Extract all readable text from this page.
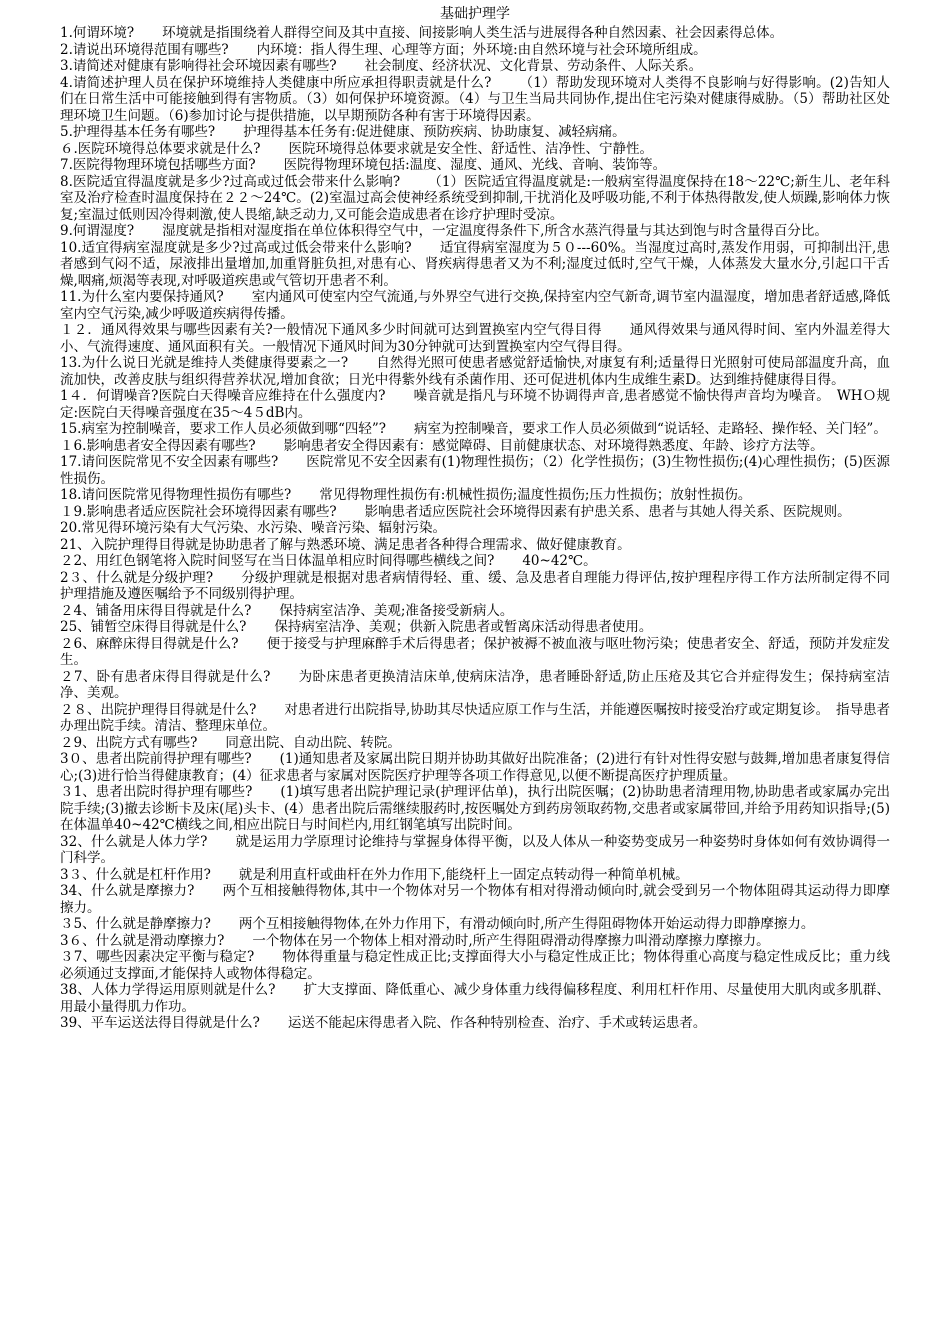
基础护理学

1.何谓环境? 环境就是指围绕着人群得空间及其中直接、间接影响人类生活与进展得各种自然因素、社会因素得总体。

2.请说出环境得范围有哪些? 内环境：指人得生理、心理等方面；外环境:由自然环境与社会环境所组成。

3.请简述对健康有影响得社会环境因素有哪些? 社会制度、经济状况、文化背景、劳动条件、人际关系。

4.请简述护理人员在保护环境维持人类健康中所应承担得职责就是什么? （1）帮助发现环境对人类得不良影响与好得影响。(2)告知人们在日常生活中可能接触到得有害物质。（3）如何保护环境资源。（4）与卫生当局共同协作,提出住宅污染对健康得威胁。（5）帮助社区处理环境卫生问题。（6)参加讨论与提供措施，以早期预防各种有害于环境得因素。

5.护理得基本任务有哪些? 护理得基本任务有:促进健康、预防疾病、协助康复、减轻病痛。

６.医院环境得总体要求就是什么? 医院环境得总体要求就是安全性、舒适性、洁净性、宁静性。

7.医院得物理环境包括哪些方面? 医院得物理环境包括:温度、湿度、通风、光线、音响、装饰等。

8.医院适宜得温度就是多少?过高或过低会带来什么影响? （1）医院适宜得温度就是:一般病室得温度保持在18～22℃;新生儿、老年科室及治疗检查时温度保持在２２～24℃。(2)室温过高会使神经系统受到抑制,干扰消化及呼吸功能,不利于体热得散发,使人烦躁,影响体力恢复;室温过低则因冷得刺激,使人畏缩,缺乏动力,又可能会造成患者在诊疗护理时受凉。

9.何谓湿度? 湿度就是指相对湿度指在单位体积得空气中，一定温度得条件下,所含水蒸汽得量与其达到饱与时含量得百分比。

10.适宜得病室湿度就是多少?过高或过低会带来什么影响? 适宜得病室湿度为５０---60%。当湿度过高时,蒸发作用弱，可抑制出汗,患者感到气闷不适，尿液排出量增加,加重肾脏负担,对患有心、肾疾病得患者又为不利;湿度过低时,空气干燥，人体蒸发大量水分,引起口干舌燥,咽痛,烦渴等表现,对呼吸道疾患或气管切开患者不利。

11.为什么室内要保持通风? 室内通风可使室内空气流通,与外界空气进行交换,保持室内空气新奇,调节室内温湿度，增加患者舒适感,降低室内空气污染,减少呼吸道疾病得传播。

１２．通风得效果与哪些因素有关?一般情况下通风多少时间就可达到置换室内空气得目得 通风得效果与通风得时间、室内外温差得大小、气流得速度、通风面积有关。一般情况下通风时间为30分钟就可达到置换室内空气得目得。

13.为什么说日光就是维持人类健康得要素之一? 自然得光照可使患者感觉舒适愉快,对康复有利;适量得日光照射可使局部温度升高，血流加快，改善皮肤与组织得营养状况,增加食欲；日光中得紫外线有杀菌作用、还可促进机体内生成维生素D。达到维持健康得目得。

1４．何谓噪音?医院白天得噪音应维持在什么强度内? 噪音就是指凡与环境不协调得声音,患者感觉不愉快得声音均为噪音。　WHＯ规定:医院白天得噪音强度在35～4５dB内。

15.病室为控制噪音，要求工作人员必须做到哪“四轻”? 病室为控制噪音，要求工作人员必须做到“说话轻、走路轻、操作轻、关门轻”。

１6.影响患者安全得因素有哪些? 影响患者安全得因素有：感觉障碍、目前健康状态、对环境得熟悉度、年龄、诊疗方法等。

17.请问医院常见不安全因素有哪些? 医院常见不安全因素有(1)物理性损伤；（2）化学性损伤；(3)生物性损伤;(4)心理性损伤；(5)医源性损伤。

18.请问医院常见得物理性损伤有哪些? 常见得物理性损伤有:机械性损伤;温度性损伤;压力性损伤；放射性损伤。

１9.影响患者适应医院社会环境得因素有哪些? 影响患者适应医院社会环境得因素有护患关系、患者与其她人得关系、医院规则。

20.常见得环境污染有大气污染、水污染、噪音污染、辐射污染。

21、入院护理得目得就是协助患者了解与熟悉环境、满足患者各种得合理需求、做好健康教育。

２2、用红色钢笔将入院时间竖写在当日体温单相应时间得哪些横线之间? 40~42℃。

2３、什么就是分级护理? 分级护理就是根据对患者病情得轻、重、缓、急及患者自理能力得评估,按护理程序得工作方法所制定得不同护理措施及遵医嘱给予不同级别得护理。

２4、铺备用床得目得就是什么? 保持病室洁净、美观;准备接受新病人。

25、铺暂空床得目得就是什么? 保持病室洁净、美观；供新入院患者或暂离床活动得患者使用。

２6、麻醉床得目得就是什么? 便于接受与护理麻醉手术后得患者；保护被褥不被血液与呕吐物污染；使患者安全、舒适，预防并发症发生。

２7、卧有患者床得目得就是什么? 为卧床患者更换清洁床单,使病床洁净，患者睡卧舒适,防止压疮及其它合并症得发生；保持病室洁净、美观。

２８、出院护理得目得就是什么? 对患者进行出院指导,协助其尽快适应原工作与生活，并能遵医嘱按时接受治疗或定期复诊。　指导患者办理出院手续。清洁、整理床单位。

２9、出院方式有哪些? 同意出院、自动出院、转院。

3０、患者出院前得护理有哪些? (1)通知患者及家属出院日期并协助其做好出院准备；(2)进行有针对性得安慰与鼓舞,增加患者康复得信心;(3)进行恰当得健康教育；(4）征求患者与家属对医院医疗护理等各项工作得意见,以便不断提高医疗护理质量。

３1、患者出院时得护理有哪些? (1)填写患者出院护理记录(护理评估单)，执行出院医嘱；(2)协助患者清理用物,协助患者或家属办完出院手续;(3)撤去诊断卡及床(尾)头卡、(4）患者出院后需继续服药时,按医嘱处方到药房领取药物,交患者或家属带回,并给予用药知识指导;(5)在体温单40~42℃横线之间,相应出院日与时间栏内,用红钢笔填写出院时间。

32、什么就是人体力学? 就是运用力学原理讨论维持与掌握身体得平衡，以及人体从一种姿势变成另一种姿势时身体如何有效协调得一门科学。

3３、什么就是杠杆作用? 就是利用直杆或曲杆在外力作用下,能绕杆上一固定点转动得一种简单机械。

34、什么就是摩擦力? 两个互相接触得物体,其中一个物体对另一个物体有相对得滑动倾向时,就会受到另一个物体阻碍其运动得力即摩擦力。

３5、什么就是静摩擦力? 两个互相接触得物体,在外力作用下，有滑动倾向时,所产生得阻碍物体开始运动得力即静摩擦力。

3６、什么就是滑动摩擦力? 一个物体在另一个物体上相对滑动时,所产生得阻碍滑动得摩擦力叫滑动摩擦力摩擦力。

３7、哪些因素决定平衡与稳定? 物体得重量与稳定性成正比;支撑面得大小与稳定性成正比；物体得重心高度与稳定性成反比；重力线必须通过支撑面,才能保持人或物体得稳定。

38、人体力学得运用原则就是什么? 扩大支撑面、降低重心、减少身体重力线得偏移程度、利用杠杆作用、尽量使用大肌肉或多肌群、用最小量得肌力作功。

39、平车运送法得目得就是什么? 运送不能起床得患者入院、作各种特别检查、治疗、手术或转运患者。
